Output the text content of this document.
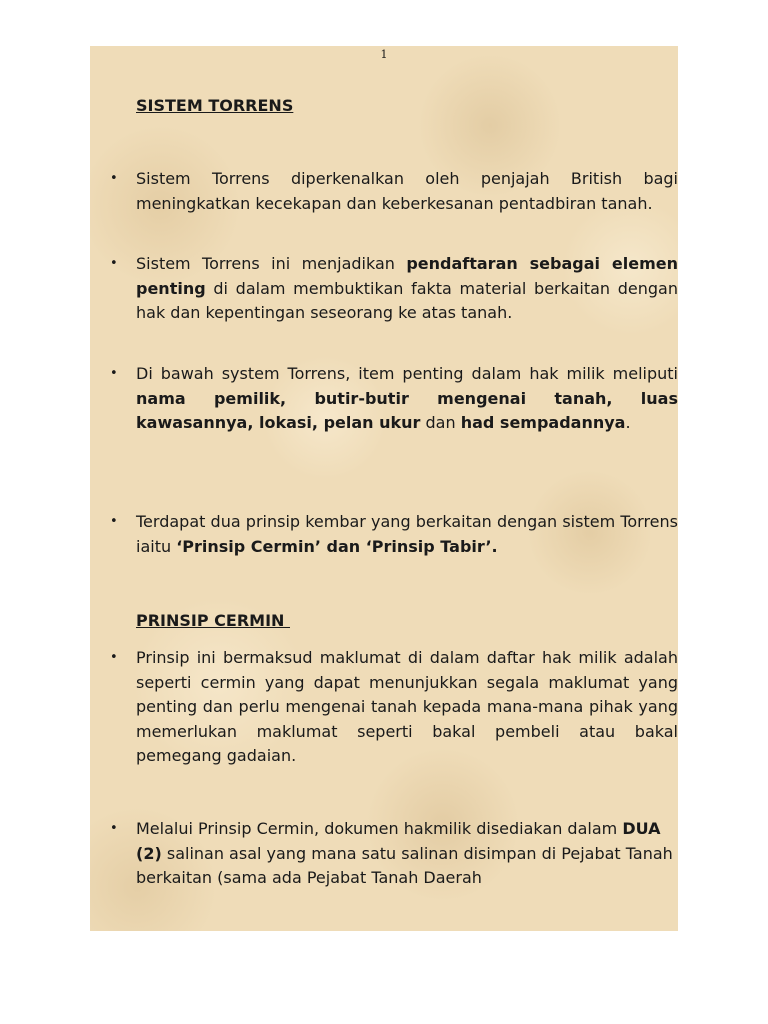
1
SISTEM TORRENS
•	Sistem Torrens diperkenalkan oleh penjajah British bagi meningkatkan kecekapan dan keberkesanan pentadbiran tanah.
•	Sistem Torrens ini menjadikan pendaftaran sebagai elemen penting di dalam membuktikan fakta material berkaitan dengan hak dan kepentingan seseorang ke atas tanah.
•	Di bawah system Torrens, item penting dalam hak milik meliputi nama pemilik, butir-butir mengenai tanah, luas kawasannya, lokasi, pelan ukur dan had sempadannya.
•	Terdapat dua prinsip kembar yang berkaitan dengan sistem Torrens iaitu ‘Prinsip Cermin’ dan ‘Prinsip Tabir’.
PRINSIP CERMIN
•	Prinsip ini bermaksud maklumat di dalam daftar hak milik adalah seperti cermin yang dapat menunjukkan segala maklumat yang penting dan perlu mengenai tanah kepada mana-mana pihak yang memerlukan maklumat seperti bakal pembeli atau bakal pemegang gadaian.
•	Melalui Prinsip Cermin, dokumen hakmilik disediakan dalam DUA (2) salinan asal yang mana satu salinan disimpan di Pejabat Tanah berkaitan (sama ada Pejabat Tanah Daerah
